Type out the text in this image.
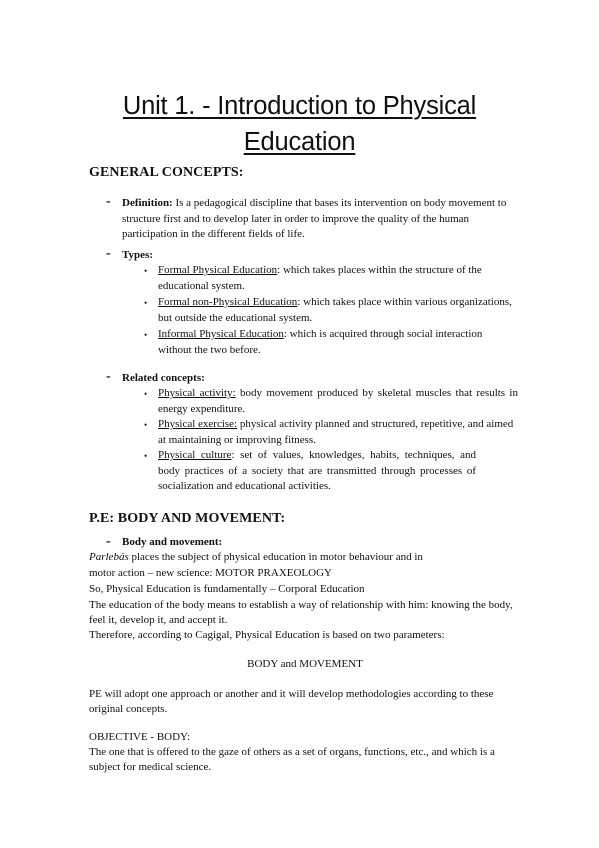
Unit 1. - Introduction to Physical
Education
GENERAL CONCEPTS:
- Definition: Is a pedagogical discipline that bases its intervention on body movement to structure first and to develop later in order to improve the quality of the human participation in the different fields of life.
- Types:
• Formal Physical Education: which takes places within the structure of the educational system.
• Formal non-Physical Education: which takes place within various organizations, but outside the educational system.
• Informal Physical Education: which is acquired through social interaction without the two before.
- Related concepts:
• Physical activity: body movement produced by skeletal muscles that results in energy expenditure.
• Physical exercise: physical activity planned and structured, repetitive, and aimed at maintaining or improving fitness.
• Physical culture: set of values, knowledges, habits, techniques, and body practices of a society that are transmitted through processes of socialization and educational activities.
P.E: BODY AND MOVEMENT:
- Body and movement:
Parlebás places the subject of physical education in motor behaviour and in
motor action – new science: MOTOR PRAXEOLOGY
So, Physical Education is fundamentally – Corporal Education
The education of the body means to establish a way of relationship with him: knowing the body, feel it, develop it, and accept it.
Therefore, according to Cagigal, Physical Education is based on two parameters:
BODY and MOVEMENT
PE will adopt one approach or another and it will develop methodologies according to these original concepts.
OBJECTIVE - BODY:
The one that is offered to the gaze of others as a set of organs, functions, etc., and which is a subject for medical science.
